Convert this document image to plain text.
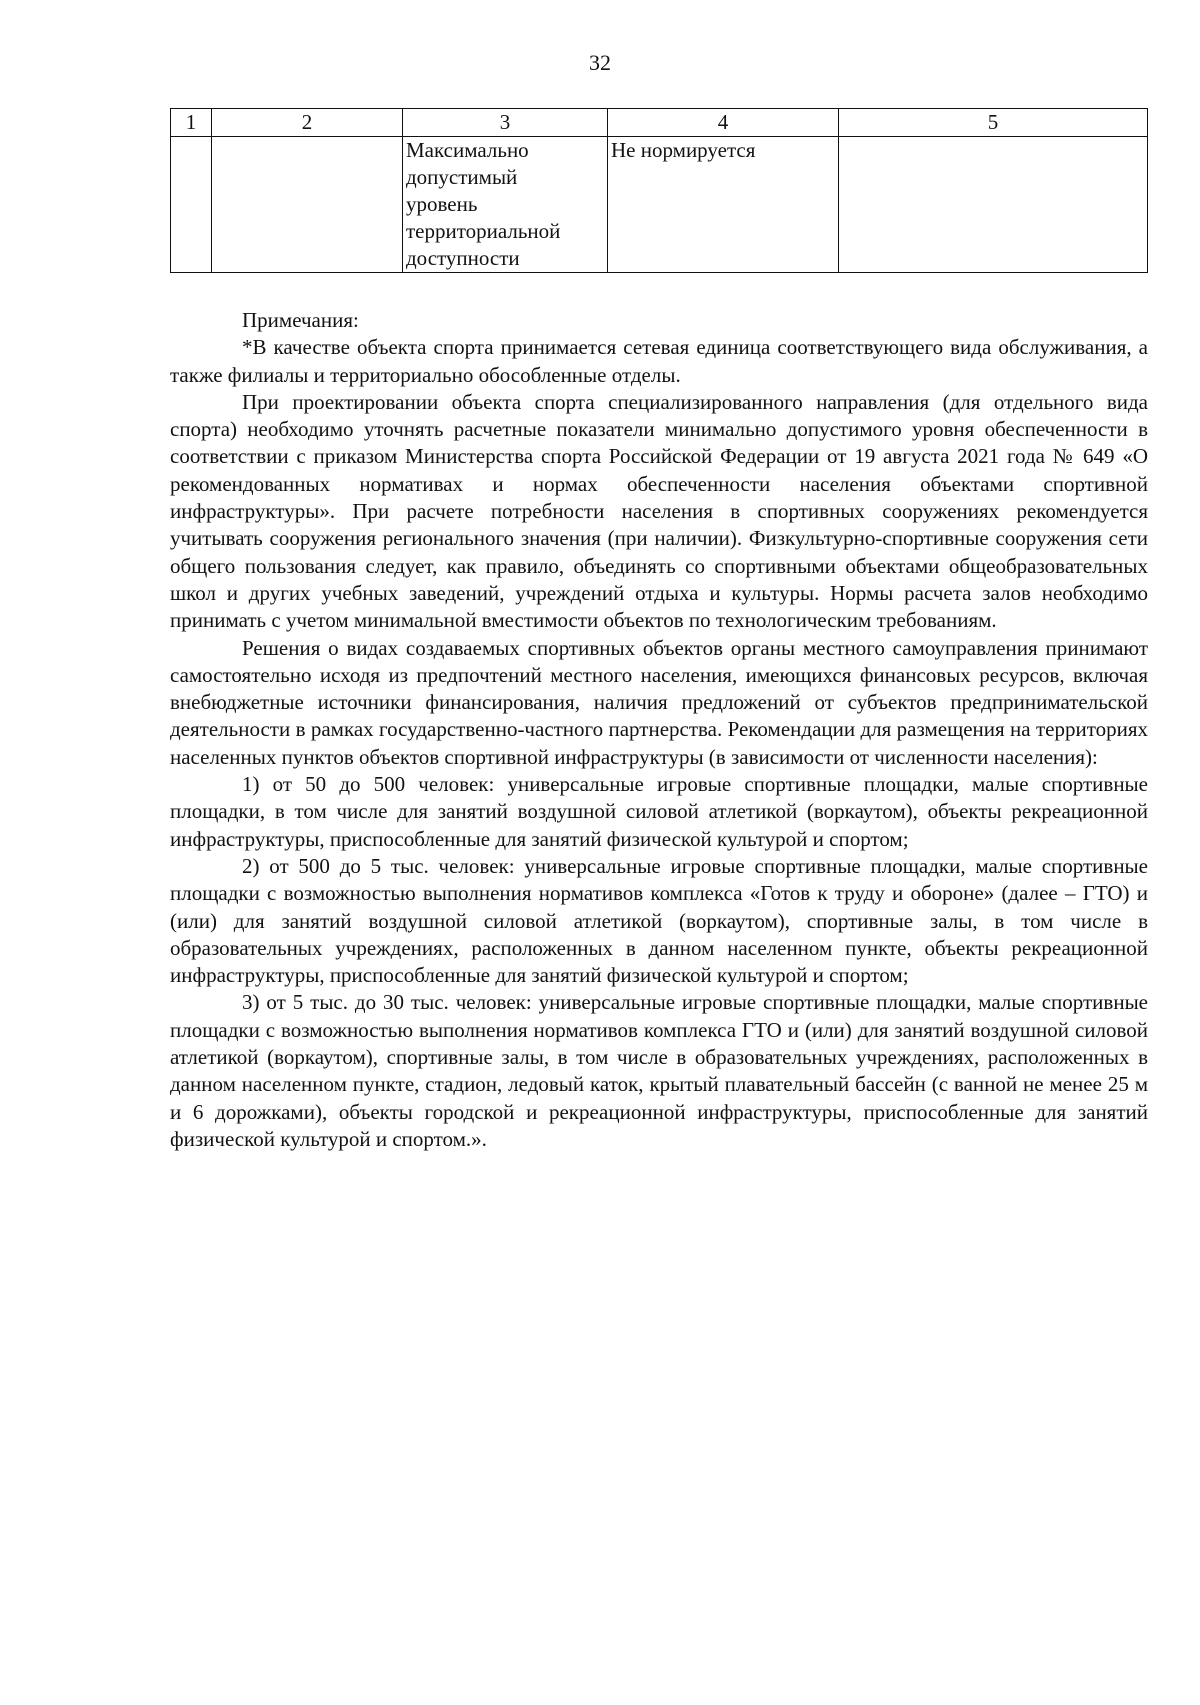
32
1	2	3	4	5
		Максимально допустимый уровень территориальной доступности	Не нормируется	

Примечания:

*В качестве объекта спорта принимается сетевая единица соответствующего вида обслуживания, а также филиалы и территориально обособленные отделы.

При проектировании объекта спорта специализированного направления (для отдельного вида спорта) необходимо уточнять расчетные показатели минимально допустимого уровня обеспеченности в соответствии с приказом Министерства спорта Российской Федерации от 19 августа 2021 года № 649 «О рекомендованных нормативах и нормах обеспеченности населения объектами спортивной инфраструктуры». При расчете потребности населения в спортивных сооружениях рекомендуется учитывать сооружения регионального значения (при наличии). Физкультурно-спортивные сооружения сети общего пользования следует, как правило, объединять со спортивными объектами общеобразовательных школ и других учебных заведений, учреждений отдыха и культуры. Нормы расчета залов необходимо принимать с учетом минимальной вместимости объектов по технологическим требованиям.

Решения о видах создаваемых спортивных объектов органы местного самоуправления принимают самостоятельно исходя из предпочтений местного населения, имеющихся финансовых ресурсов, включая внебюджетные источники финансирования, наличия предложений от субъектов предпринимательской деятельности в рамках государственно-частного партнерства. Рекомендации для размещения на территориях населенных пунктов объектов спортивной инфраструктуры (в зависимости от численности населения):

1) от 50 до 500 человек: универсальные игровые спортивные площадки, малые спортивные площадки, в том числе для занятий воздушной силовой атлетикой (воркаутом), объекты рекреационной инфраструктуры, приспособленные для занятий физической культурой и спортом;

2) от 500 до 5 тыс. человек: универсальные игровые спортивные площадки, малые спортивные площадки с возможностью выполнения нормативов комплекса «Готов к труду и обороне» (далее – ГТО) и (или) для занятий воздушной силовой атлетикой (воркаутом), спортивные залы, в том числе в образовательных учреждениях, расположенных в данном населенном пункте, объекты рекреационной инфраструктуры, приспособленные для занятий физической культурой и спортом;

3) от 5 тыс. до 30 тыс. человек: универсальные игровые спортивные площадки, малые спортивные площадки с возможностью выполнения нормативов комплекса ГТО и (или) для занятий воздушной силовой атлетикой (воркаутом), спортивные залы, в том числе в образовательных учреждениях, расположенных в данном населенном пункте, стадион, ледовый каток, крытый плавательный бассейн (с ванной не менее 25 м и 6 дорожками), объекты городской и рекреационной инфраструктуры, приспособленные для занятий физической культурой и спортом.».
